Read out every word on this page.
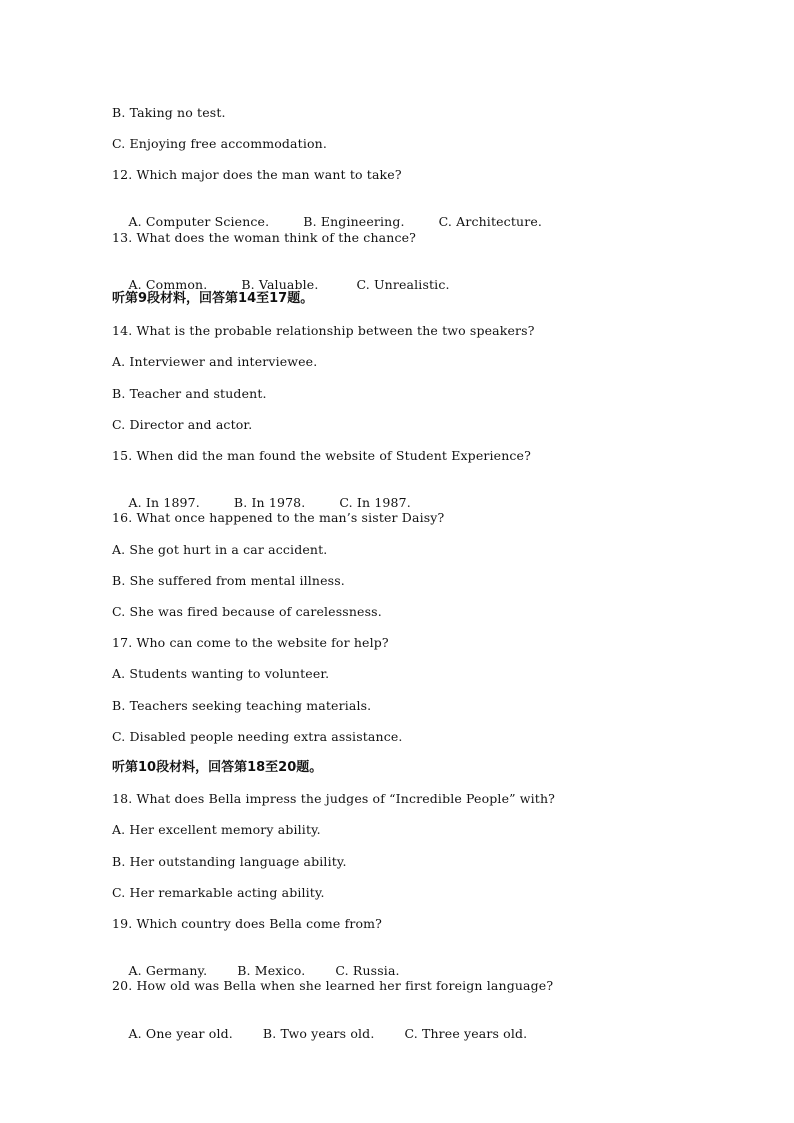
B. Taking no test.
C. Enjoying free accommodation.
12. Which major does the man want to take?

A. Computer Science.	B. Engineering.	C. Architecture.

13. What does the woman think of the chance?

A. Common.	B. Valuable.	C. Unrealistic.

听第9段材料，回答第14至17题。
14. What is the probable relationship between the two speakers?
A. Interviewer and interviewee.
B. Teacher and student.
C. Director and actor.
15. When did the man found the website of Student Experience?

A. In 1897.	B. In 1978.	C. In 1987.

16. What once happened to the man’s sister Daisy?
A. She got hurt in a car accident.
B. She suffered from mental illness.
C. She was fired because of carelessness.
17. Who can come to the website for help?
A. Students wanting to volunteer.
B. Teachers seeking teaching materials.
C. Disabled people needing extra assistance.
听第10段材料，回答第18至20题。
18. What does Bella impress the judges of “Incredible People” with?
A. Her excellent memory ability.
B. Her outstanding language ability.
C. Her remarkable acting ability.
19. Which country does Bella come from?

A. Germany. B. Mexico. C. Russia.

20. How old was Bella when she learned her first foreign language?

A. One year old. B. Two years old. C. Three years old.
